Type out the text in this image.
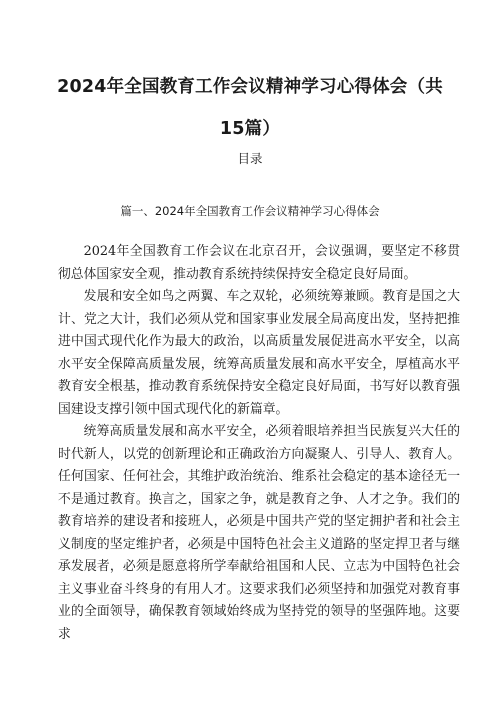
2024年全国教育工作会议精神学习心得体会（共15篇）
目录
篇一、2024年全国教育工作会议精神学习心得体会

2024年全国教育工作会议在北京召开，会议强调，要坚定不移贯彻总体国家安全观，推动教育系统持续保持安全稳定良好局面。

发展和安全如鸟之两翼、车之双轮，必须统筹兼顾。教育是国之大计、党之大计，我们必须从党和国家事业发展全局高度出发，坚持把推进中国式现代化作为最大的政治，以高质量发展促进高水平安全，以高水平安全保障高质量发展，统筹高质量发展和高水平安全，厚植高水平教育安全根基，推动教育系统保持安全稳定良好局面，书写好以教育强国建设支撑引领中国式现代化的新篇章。

统筹高质量发展和高水平安全，必须着眼培养担当民族复兴大任的时代新人，以党的创新理论和正确政治方向凝聚人、引导人、教育人。任何国家、任何社会，其维护政治统治、维系社会稳定的基本途径无一不是通过教育。换言之，国家之争，就是教育之争、人才之争。我们的教育培养的建设者和接班人，必须是中国共产党的坚定拥护者和社会主义制度的坚定维护者，必须是中国特色社会主义道路的坚定捍卫者与继承发展者，必须是愿意将所学奉献给祖国和人民、立志为中国特色社会主义事业奋斗终身的有用人才。这要求我们必须坚持和加强党对教育事业的全面领导，确保教育领域始终成为坚持党的领导的坚强阵地。这要求
